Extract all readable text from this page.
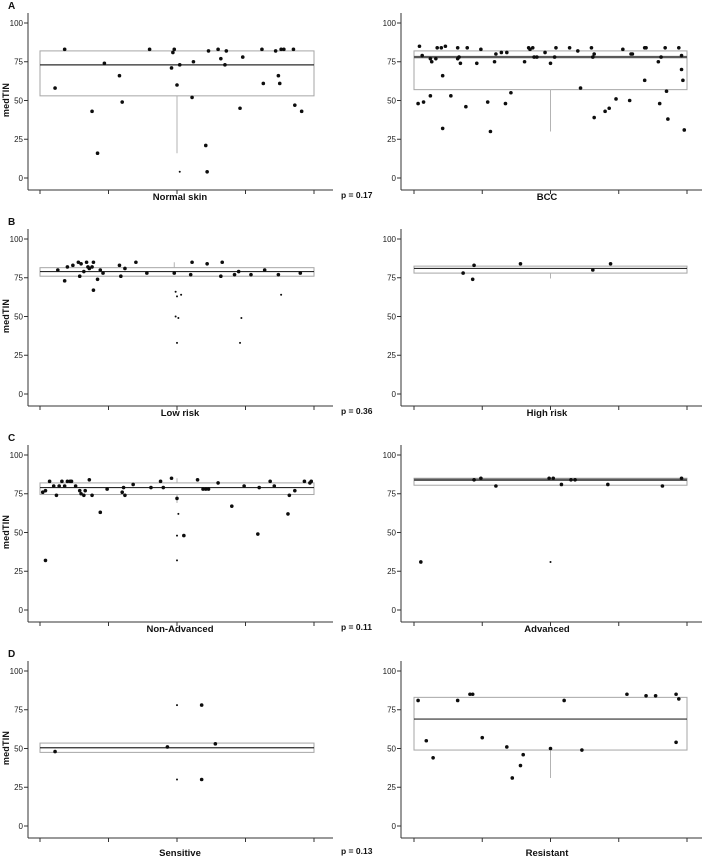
A
medTIN
0
25
50
75
100
0
25
50
75
100
Normal skin	p = 0.17	BCC
B
medTIN
0
25
50
75
100
0
25
50
75
100
Low risk	p = 0.36	High risk
C
medTIN
0
25
50
75
100
0
25
50
75
100
Non-Advanced	p = 0.11	Advanced
D
medTIN
0
25
50
75
100
0
25
50
75
100
Sensitive	p = 0.13	Resistant
